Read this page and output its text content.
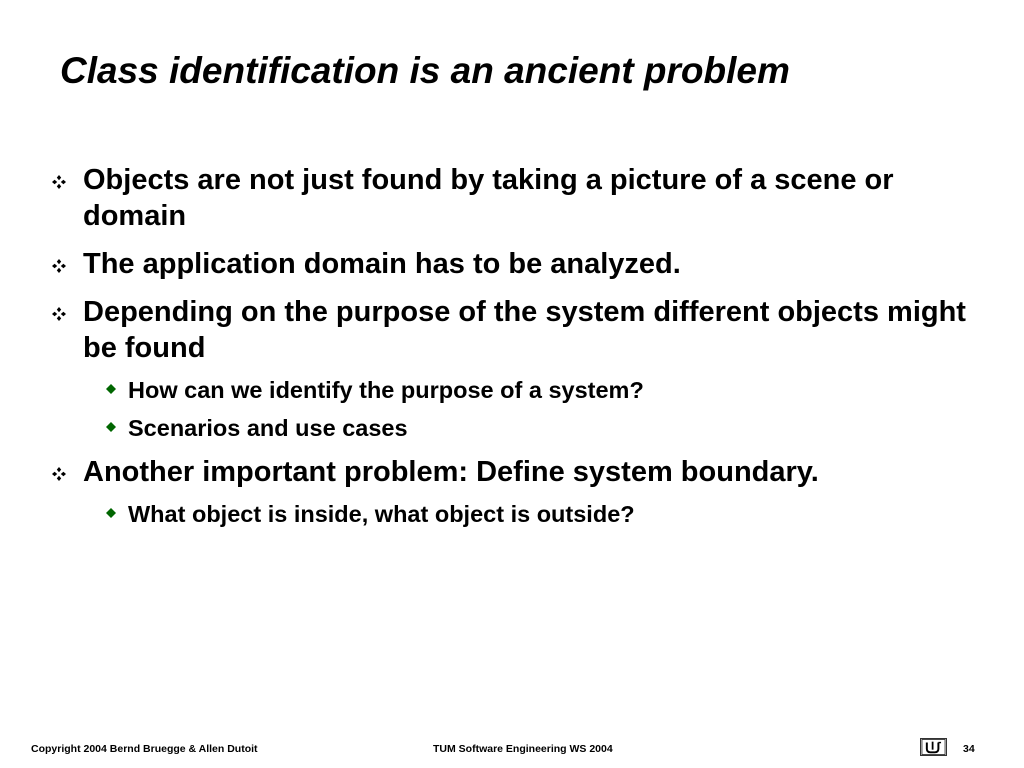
Class identification is an ancient problem
Objects are not just found by taking a picture of a scene or domain
The application domain has to be analyzed.
Depending on the purpose of the system different objects might be found
How can we identify the purpose of a system?
Scenarios and use cases
Another important problem: Define system boundary.
What object is inside, what object is outside?
Copyright 2004 Bernd Bruegge & Allen Dutoit	TUM Software Engineering WS 2004	34
